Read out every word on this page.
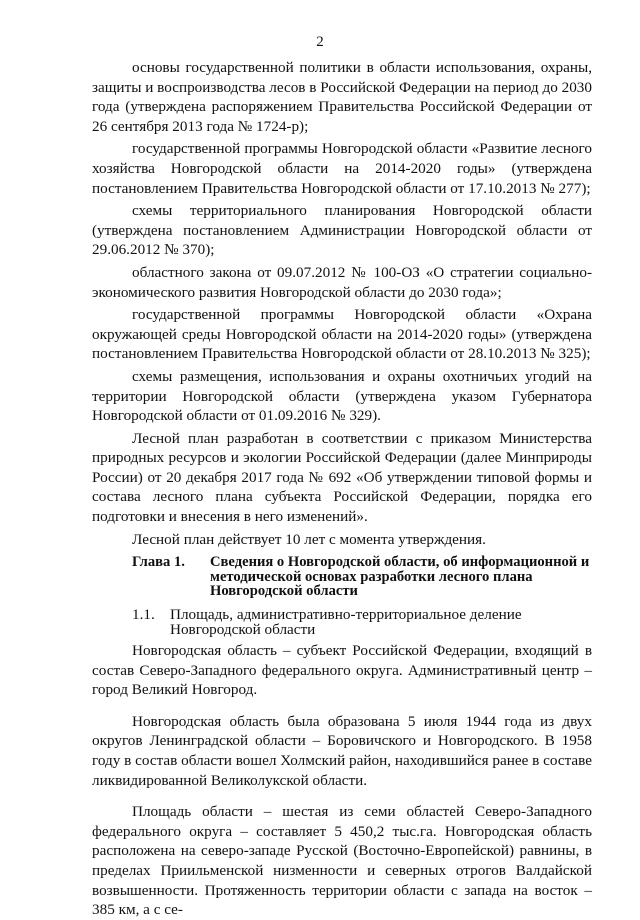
2

основы государственной политики в области использования, охраны, защиты и воспроизводства лесов в Российской Федерации на период до 2030 года (утверждена распоряжением Правительства Российской Федерации от 26 сентября 2013 года № 1724-р);

государственной программы Новгородской области «Развитие лесного хозяйства Новгородской области на 2014-2020 годы» (утверждена постановлением Правительства Новгородской области от 17.10.2013 № 277);

схемы территориального планирования Новгородской области (утверждена постановлением Администрации Новгородской области от 29.06.2012 № 370);

областного закона от 09.07.2012 № 100-ОЗ «О стратегии социально-экономического развития Новгородской области до 2030 года»;

государственной программы Новгородской области «Охрана окружающей среды Новгородской области на 2014-2020 годы» (утверждена постановлением Правительства Новгородской области от 28.10.2013 № 325);

схемы размещения, использования и охраны охотничьих угодий на территории Новгородской области (утверждена указом Губернатора Новгородской области от 01.09.2016 № 329).

Лесной план разработан в соответствии с приказом Министерства природных ресурсов и экологии Российской Федерации (далее Минприроды России) от 20 декабря 2017 года № 692 «Об утверждении типовой формы и состава лесного плана субъекта Российской Федерации, порядка его подготовки и внесения в него изменений».

Лесной план действует 10 лет с момента утверждения.

Глава 1.	Сведения о Новгородской области, об информационной и методической основах разработки лесного плана Новгородской области
1.1.	Площадь, административно-территориальное деление Новгородской области

Новгородская область – субъект Российской Федерации, входящий в состав Северо-Западного федерального округа. Административный центр – город Великий Новгород.

Новгородская область была образована 5 июля 1944 года из двух округов Ленинградской области – Боровичского и Новгородского. В 1958 году в состав области вошел Холмский район, находившийся ранее в составе ликвидированной Великолукской области.

Площадь области – шестая из семи областей Северо-Западного федерального округа – составляет 5 450,2 тыс.га. Новгородская область расположена на северо-западе Русской (Восточно-Европейской) равнины, в пределах Приильменской низменности и северных отрогов Валдайской возвышенности. Протяженность территории области с запада на восток – 385 км, а с се-
